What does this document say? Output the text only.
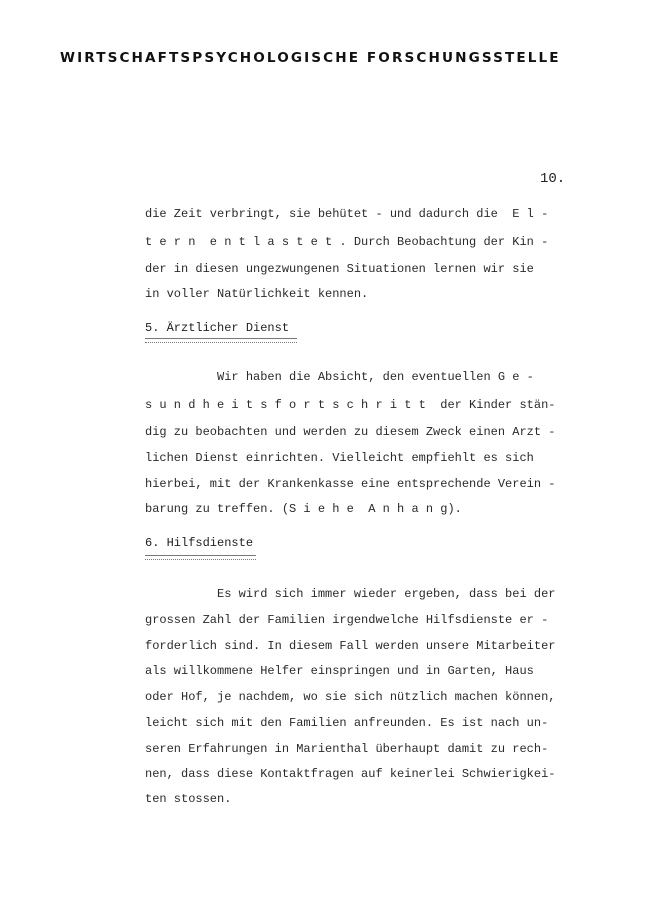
WIRTSCHAFTSPSYCHOLOGISCHE FORSCHUNGSSTELLE
10.
die Zeit verbringt, sie behütet - und dadurch die  E l -
t e r n  e n t l a s t e t . Durch Beobachtung der Kin -
der in diesen ungezwungenen Situationen lernen wir sie
in voller Natürlichkeit kennen.
5. Ärztlicher Dienst
Wir haben die Absicht, den eventuellen G e -
s u n d h e i t s f o r t s c h r i t t  der Kinder stän-
dig zu beobachten und werden zu diesem Zweck einen Arzt -
lichen Dienst einrichten. Vielleicht empfiehlt es sich
hierbei, mit der Krankenkasse eine entsprechende Verein -
barung zu treffen. (S i e h e  A n h a n g).
6. Hilfsdienste
Es wird sich immer wieder ergeben, dass bei der
grossen Zahl der Familien irgendwelche Hilfsdienste er -
forderlich sind. In diesem Fall werden unsere Mitarbeiter
als willkommene Helfer einspringen und in Garten, Haus
oder Hof, je nachdem, wo sie sich nützlich machen können,
leicht sich mit den Familien anfreunden. Es ist nach un-
seren Erfahrungen in Marienthal überhaupt damit zu rech-
nen, dass diese Kontaktfragen auf keinerlei Schwierigkei-
ten stossen.
